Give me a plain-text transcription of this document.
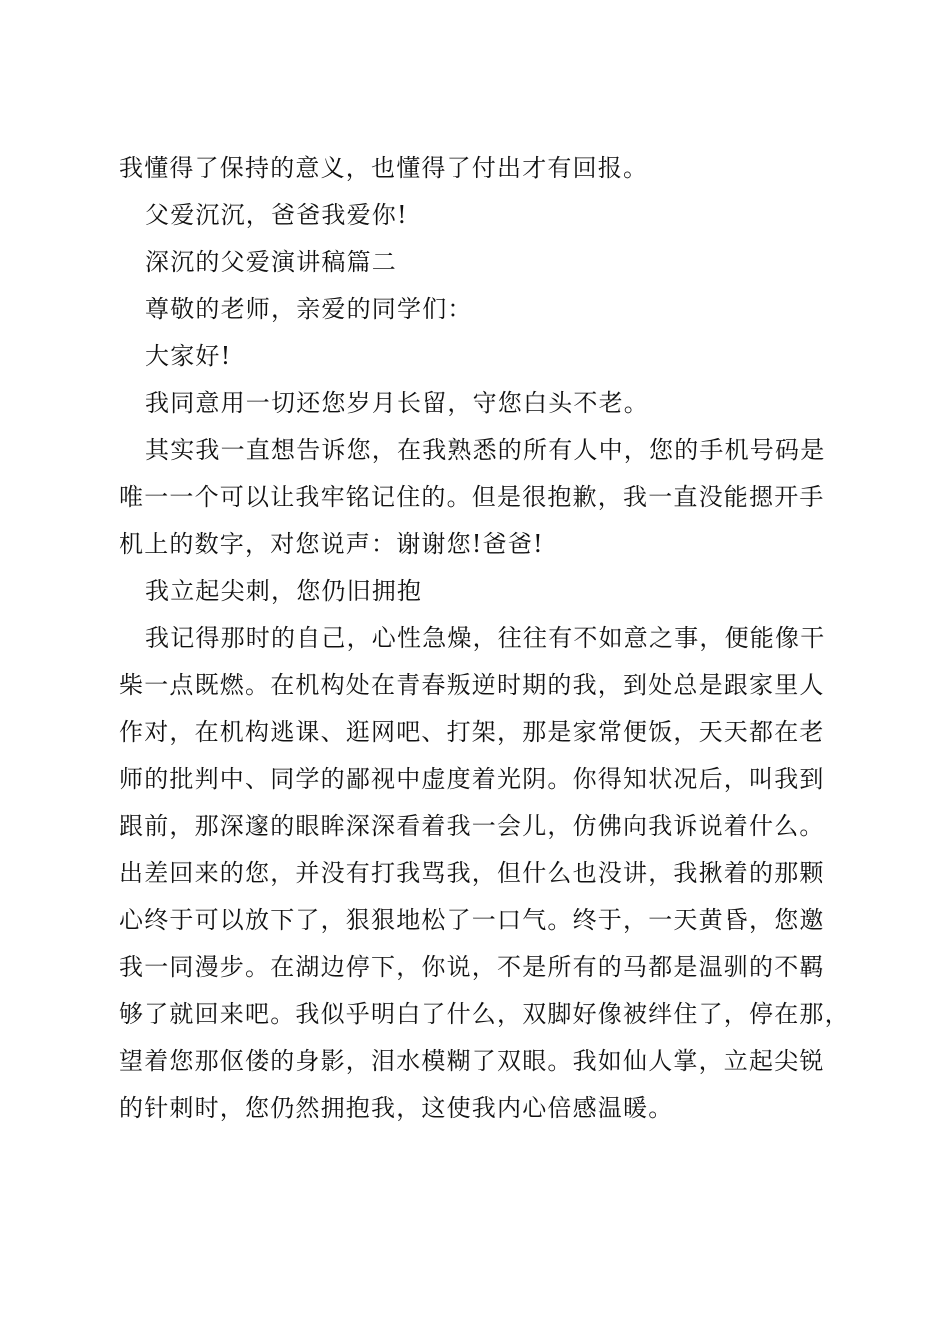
我懂得了保持的意义，也懂得了付出才有回报。
父爱沉沉，爸爸我爱你!
深沉的父爱演讲稿篇二
尊敬的老师，亲爱的同学们：
大家好!
我同意用一切还您岁月长留，守您白头不老。
其实我一直想告诉您，在我熟悉的所有人中，您的手机号码是
唯一一个可以让我牢铭记住的。但是很抱歉，我一直没能摁开手
机上的数字，对您说声：谢谢您!爸爸!
我立起尖刺，您仍旧拥抱
我记得那时的自己，心性急燥，往往有不如意之事，便能像干
柴一点既燃。在机构处在青春叛逆时期的我，到处总是跟家里人
作对，在机构逃课、逛网吧、打架，那是家常便饭，天天都在老
师的批判中、同学的鄙视中虚度着光阴。你得知状况后，叫我到
跟前，那深邃的眼眸深深看着我一会儿，仿佛向我诉说着什么。
出差回来的您，并没有打我骂我，但什么也没讲，我揪着的那颗
心终于可以放下了，狠狠地松了一口气。终于，一天黄昏，您邀
我一同漫步。在湖边停下，你说，不是所有的马都是温驯的不羁
够了就回来吧。我似乎明白了什么，双脚好像被绊住了，停在那，
望着您那伛偻的身影，泪水模糊了双眼。我如仙人掌，立起尖锐
的针刺时，您仍然拥抱我，这使我内心倍感温暖。
